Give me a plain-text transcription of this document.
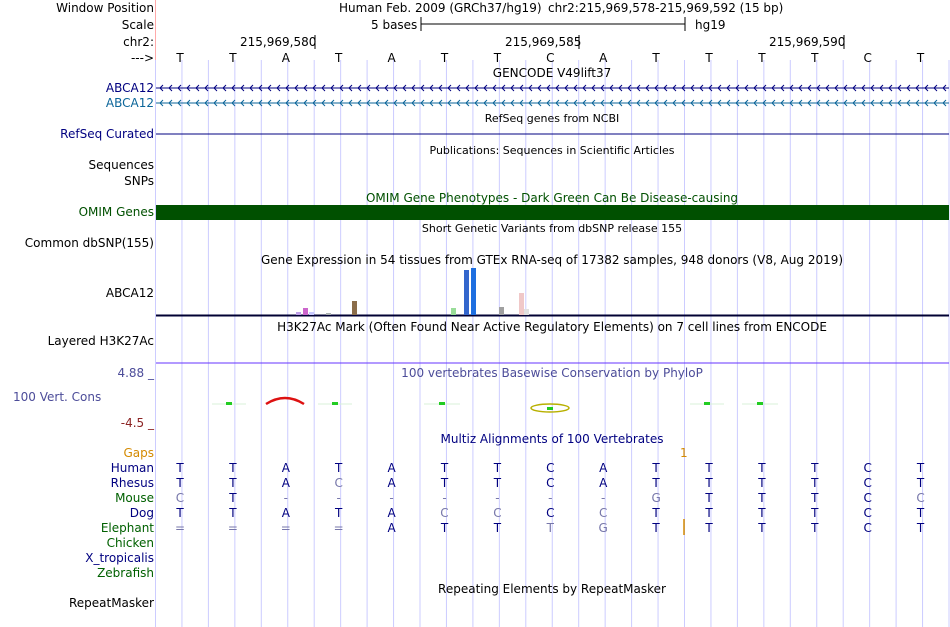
Window Position	Human Feb. 2009 (GRCh37/hg19) chr2:215,969,578-215,969,592 (15 bp)
Scale	5 bases	hg19
chr2:	215,969,580	215,969,585	215,969,590
---> T	T	A	T	A	T	T	C	A	T	T	T	T	C	T
GENCODE V49lift37
ABCA12
ABCA12
RefSeq genes from NCBI
RefSeq Curated
Publications: Sequences in Scientific Articles
Sequences
SNPs
OMIM Gene Phenotypes - Dark Green Can Be Disease-causing
OMIM Genes
Short Genetic Variants from dbSNP release 155
Common dbSNP(155)
Gene Expression in 54 tissues from GTEx RNA-seq of 17382 samples, 948 donors (V8, Aug 2019)
ABCA12
H3K27Ac Mark (Often Found Near Active Regulatory Elements) on 7 cell lines from ENCODE
Layered H3K27Ac
4.88 _	100 vertebrates Basewise Conservation by PhyloP
100 Vert. Cons
-4.5 _
Multiz Alignments of 100 Vertebrates
Gaps	1
Human T	T	A	T	A	T	T	C	A	T	T	T	T	C	T
Rhesus T	T	A	C	A	T	T	C	A	T	T	T	T	C	T
Mouse C	T	-	-	-	-	-	-	-	G	T	T	T	C	C
Dog T	T	A	T	A	C	C	C	C	T	T	T	T	C	T
Elephant =	=	=	=	A	T	T	T	G	T	T	T	T	C	T
Chicken
X_tropicalis
Zebrafish
Repeating Elements by RepeatMasker
RepeatMasker
